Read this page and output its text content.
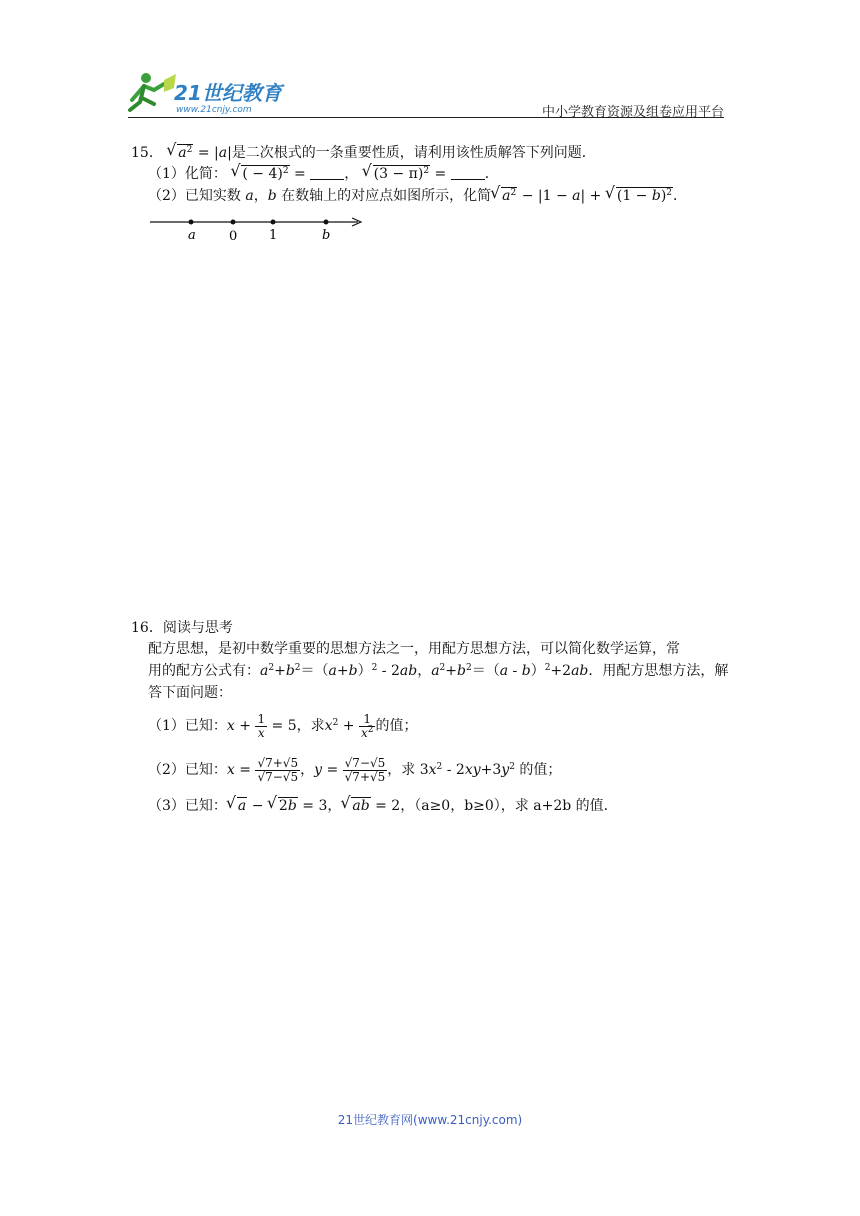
21世纪教育
www.21cnjy.com	中小学教育资源及组卷应用平台
15． √ $a^2 = |a|$是二次根式的一条重要性质，请利用该性质解答下列问题．
（1）化简： √ ( − 4)$^2$ = ， √ $(3 - \pi)^2$ = ．
（2）已知实数 a，b 在数轴上的对应点如图所示，化简 √ $a^2 - |1 - a|$ + √ $(1 - b)^2$．
a	0 1	b
16．阅读与思考
配方思想，是初中数学重要的思想方法之一，用配方思想方法，可以简化数学运算，常
用的配方公式有：$a^2+b^2=(a+b)^2 - 2ab$，$a^2+b^2=(a - b)^2+2ab$．用配方思想方法，解
答下面问题：
（1）已知：$x + \frac{1}{x} = 5$，求$x^2 + \frac{1}{x^2}$ 的值；
（2）已知：$x = \frac{√7+√5}{√7-√5}$ ，$y = \frac{√7-√5}{√7+√5}$ ，求 $3x^2 - 2xy+3y^2$ 的值；
（3）已知： √ a − √ 2b = 3， √ ab = 2，（a≥0，b≥0），求 a+2b 的值．
21世纪教育网(www.21cnjy.com)
